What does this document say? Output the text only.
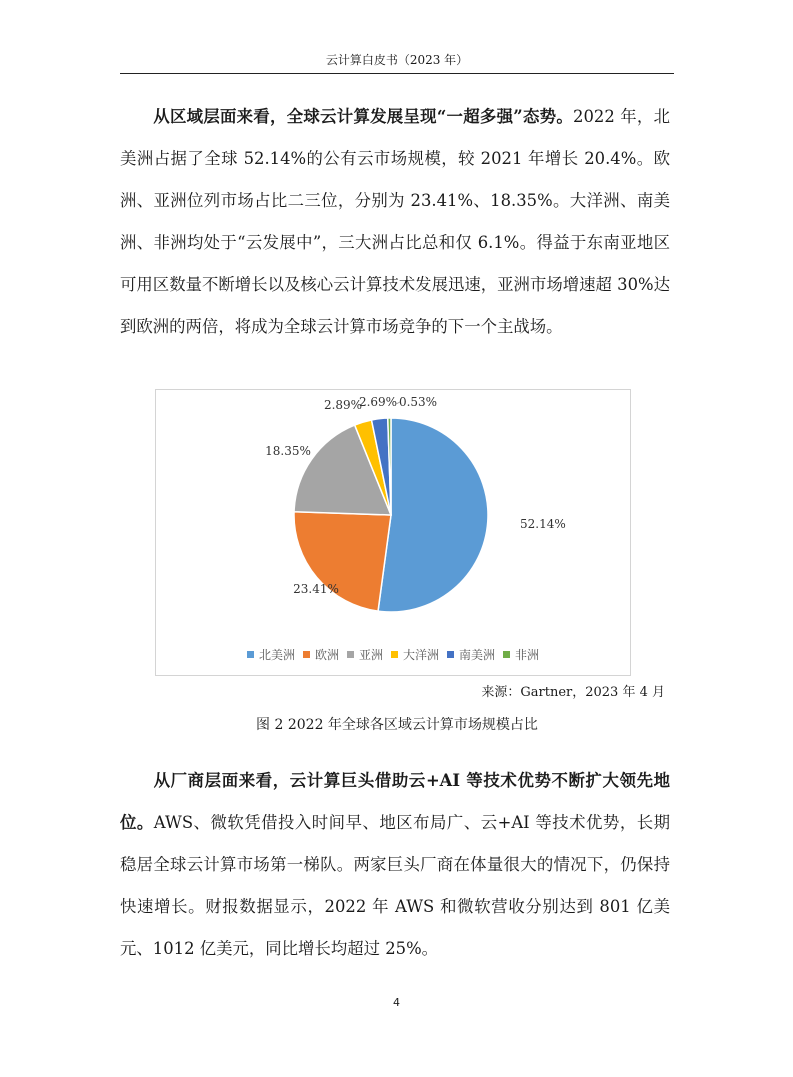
云计算白皮书（2023 年）

从区域层面来看，全球云计算发展呈现“一超多强”态势。2022 年，北美洲占据了全球 52.14%的公有云市场规模，较 2021 年增长 20.4%。欧洲、亚洲位列市场占比二三位，分别为 23.41%、18.35%。大洋洲、南美洲、非洲均处于“云发展中”，三大洲占比总和仅 6.1%。得益于东南亚地区可用区数量不断增长以及核心云计算技术发展迅速，亚洲市场增速超 30%达到欧洲的两倍，将成为全球云计算市场竞争的下一个主战场。

52.14%
23.41%
18.35%
2.89%
2.69% 0.53%
北美洲 欧洲 亚洲 大洋洲 南美洲 非洲
来源：Gartner，2023 年 4 月
图 2 2022 年全球各区域云计算市场规模占比

从厂商层面来看，云计算巨头借助云+AI 等技术优势不断扩大领先地位。AWS、微软凭借投入时间早、地区布局广、云+AI 等技术优势，长期稳居全球云计算市场第一梯队。两家巨头厂商在体量很大的情况下，仍保持快速增长。财报数据显示，2022 年 AWS 和微软营收分别达到 801 亿美元、1012 亿美元，同比增长均超过 25%。

4
